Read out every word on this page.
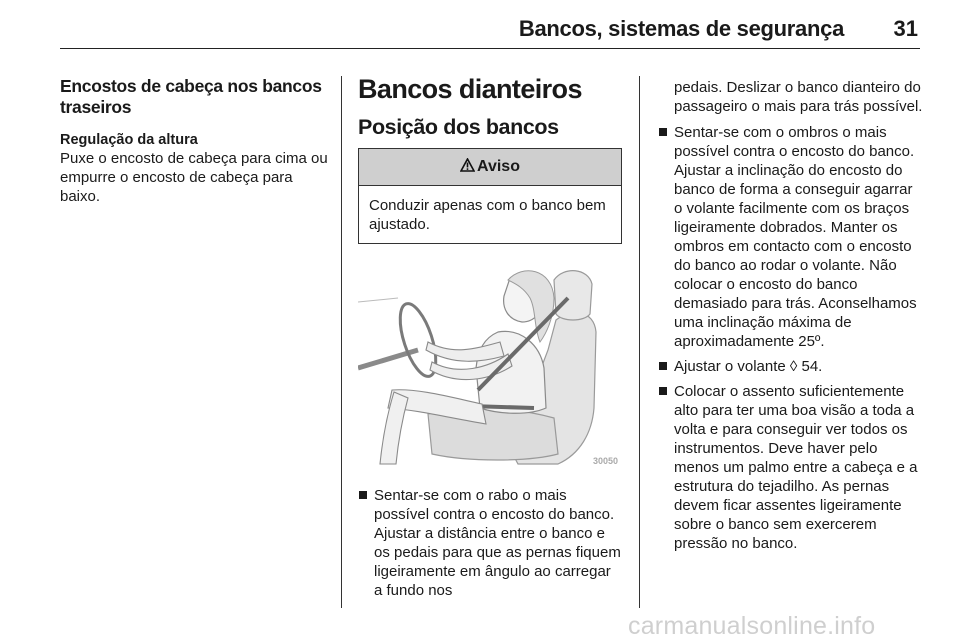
Bancos, sistemas de segurança 31
Encostos de cabeça nos bancos traseiros
Regulação da altura

Puxe o encosto de cabeça para cima ou empurre o encosto de cabeça para baixo.

Bancos dianteiros
Posição dos bancos
Aviso
Conduzir apenas com o banco bem ajustado.
30050
Sentar-se com o rabo o mais possível contra o encosto do banco. Ajustar a distância entre o banco e os pedais para que as pernas fiquem ligeiramente em ângulo ao carregar a fundo nos
pedais. Deslizar o banco dianteiro do passageiro o mais para trás possível.
Sentar-se com o ombros o mais possível contra o encosto do banco. Ajustar a inclinação do encosto do banco de forma a conseguir agarrar o volante facilmente com os braços ligeiramente dobrados. Manter os ombros em contacto com o encosto do banco ao rodar o volante. Não colocar o encosto do banco demasiado para trás. Aconselhamos uma inclinação máxima de aproximadamente 25º.
Ajustar o volante ◊ 54.
Colocar o assento suficientemente alto para ter uma boa visão a toda a volta e para conseguir ver todos os instrumentos. Deve haver pelo menos um palmo entre a cabeça e a estrutura do tejadilho. As pernas devem ficar assentes ligeiramente sobre o banco sem exercerem pressão no banco.
carmanualsonline.info
